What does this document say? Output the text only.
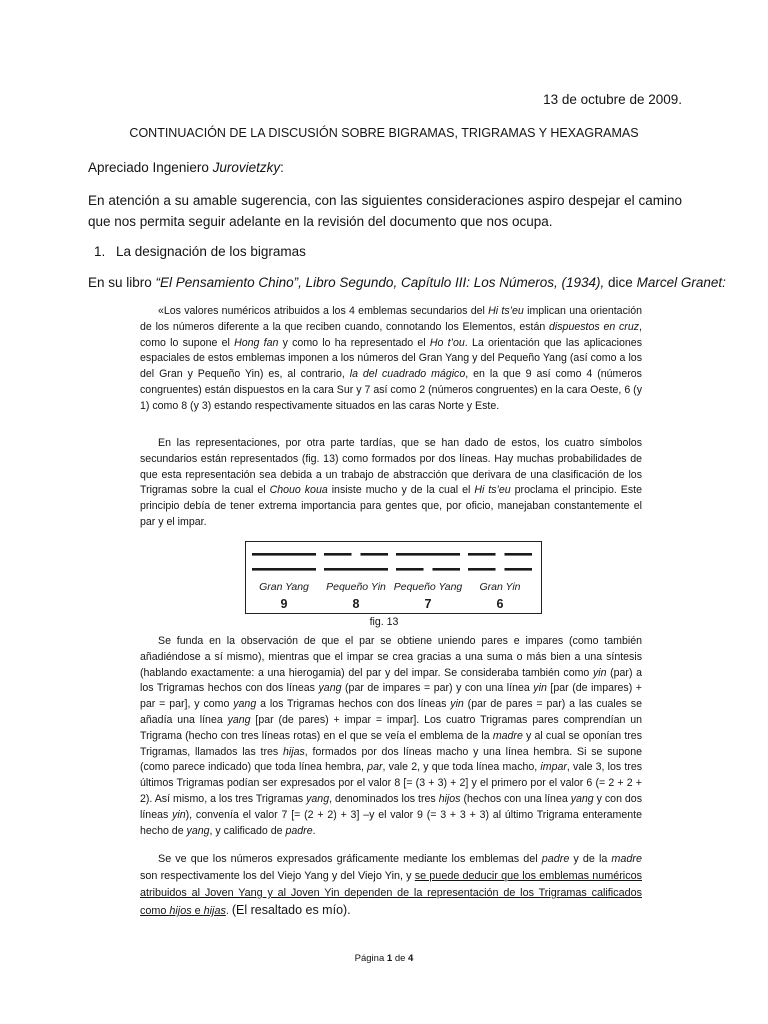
13 de octubre de 2009.
CONTINUACIÓN DE LA DISCUSIÓN SOBRE BIGRAMAS, TRIGRAMAS Y HEXAGRAMAS
Apreciado Ingeniero Jurovietzky:
En atención a su amable sugerencia, con las siguientes consideraciones aspiro despejar el camino que nos permita seguir adelante en la revisión del documento que nos ocupa.
1. La designación de los bigramas
En su libro “El Pensamiento Chino”, Libro Segundo, Capítulo III: Los Números, (1934), dice Marcel Granet:

«Los valores numéricos atribuidos a los 4 emblemas secundarios del Hi ts’eu implican una orientación de los números diferente a la que reciben cuando, connotando los Elementos, están dispuestos en cruz, como lo supone el Hong fan y como lo ha representado el Ho t’ou. La orientación que las aplicaciones espaciales de estos emblemas imponen a los números del Gran Yang y del Pequeño Yang (así como a los del Gran y Pequeño Yin) es, al contrario, la del cuadrado mágico, en la que 9 así como 4 (números congruentes) están dispuestos en la cara Sur y 7 así como 2 (números congruentes) en la cara Oeste, 6 (y 1) como 8 (y 3) estando respectivamente situados en las caras Norte y Este.

En las representaciones, por otra parte tardías, que se han dado de estos, los cuatro símbolos secundarios están representados (fig. 13) como formados por dos líneas. Hay muchas probabilidades de que esta representación sea debida a un trabajo de abstracción que derivara de una clasificación de los Trigramas sobre la cual el Chouo koua insiste mucho y de la cual el Hi ts’eu proclama el principio. Este principio debía de tener extrema importancia para gentes que, por oficio, manejaban constantemente el par y el impar.

Gran Yang
9
Pequeño Yin
8
Pequeño Yang
7
Gran Yin
6
fig. 13

Se funda en la observación de que el par se obtiene uniendo pares e impares (como también añadiéndose a sí mismo), mientras que el impar se crea gracias a una suma o más bien a una síntesis (hablando exactamente: a una hierogamia) del par y del impar. Se consideraba también como yin (par) a los Trigramas hechos con dos líneas yang (par de impares = par) y con una línea yin [par (de impares) + par = par], y como yang a los Trigramas hechos con dos líneas yin (par de pares = par) a las cuales se añadía una línea yang [par (de pares) + impar = impar]. Los cuatro Trigramas pares comprendían un Trigrama (hecho con tres líneas rotas) en el que se veía el emblema de la madre y al cual se oponían tres Trigramas, llamados las tres hijas, formados por dos líneas macho y una línea hembra. Si se supone (como parece indicado) que toda línea hembra, par, vale 2, y que toda línea macho, impar, vale 3, los tres últimos Trigramas podían ser expresados por el valor 8 [= (3 + 3) + 2] y el primero por el valor 6 (= 2 + 2 + 2). Así mismo, a los tres Trigramas yang, denominados los tres hijos (hechos con una línea yang y con dos líneas yin), convenía el valor 7 [= (2 + 2) + 3] –y el valor 9 (= 3 + 3 + 3) al último Trigrama enteramente hecho de yang, y calificado de padre.

Se ve que los números expresados gráficamente mediante los emblemas del padre y de la madre son respectivamente los del Viejo Yang y del Viejo Yin, y se puede deducir que los emblemas numéricos atribuidos al Joven Yang y al Joven Yin dependen de la representación de los Trigramas calificados como hijos e hijas. (El resaltado es mío).

Página 1 de 4
